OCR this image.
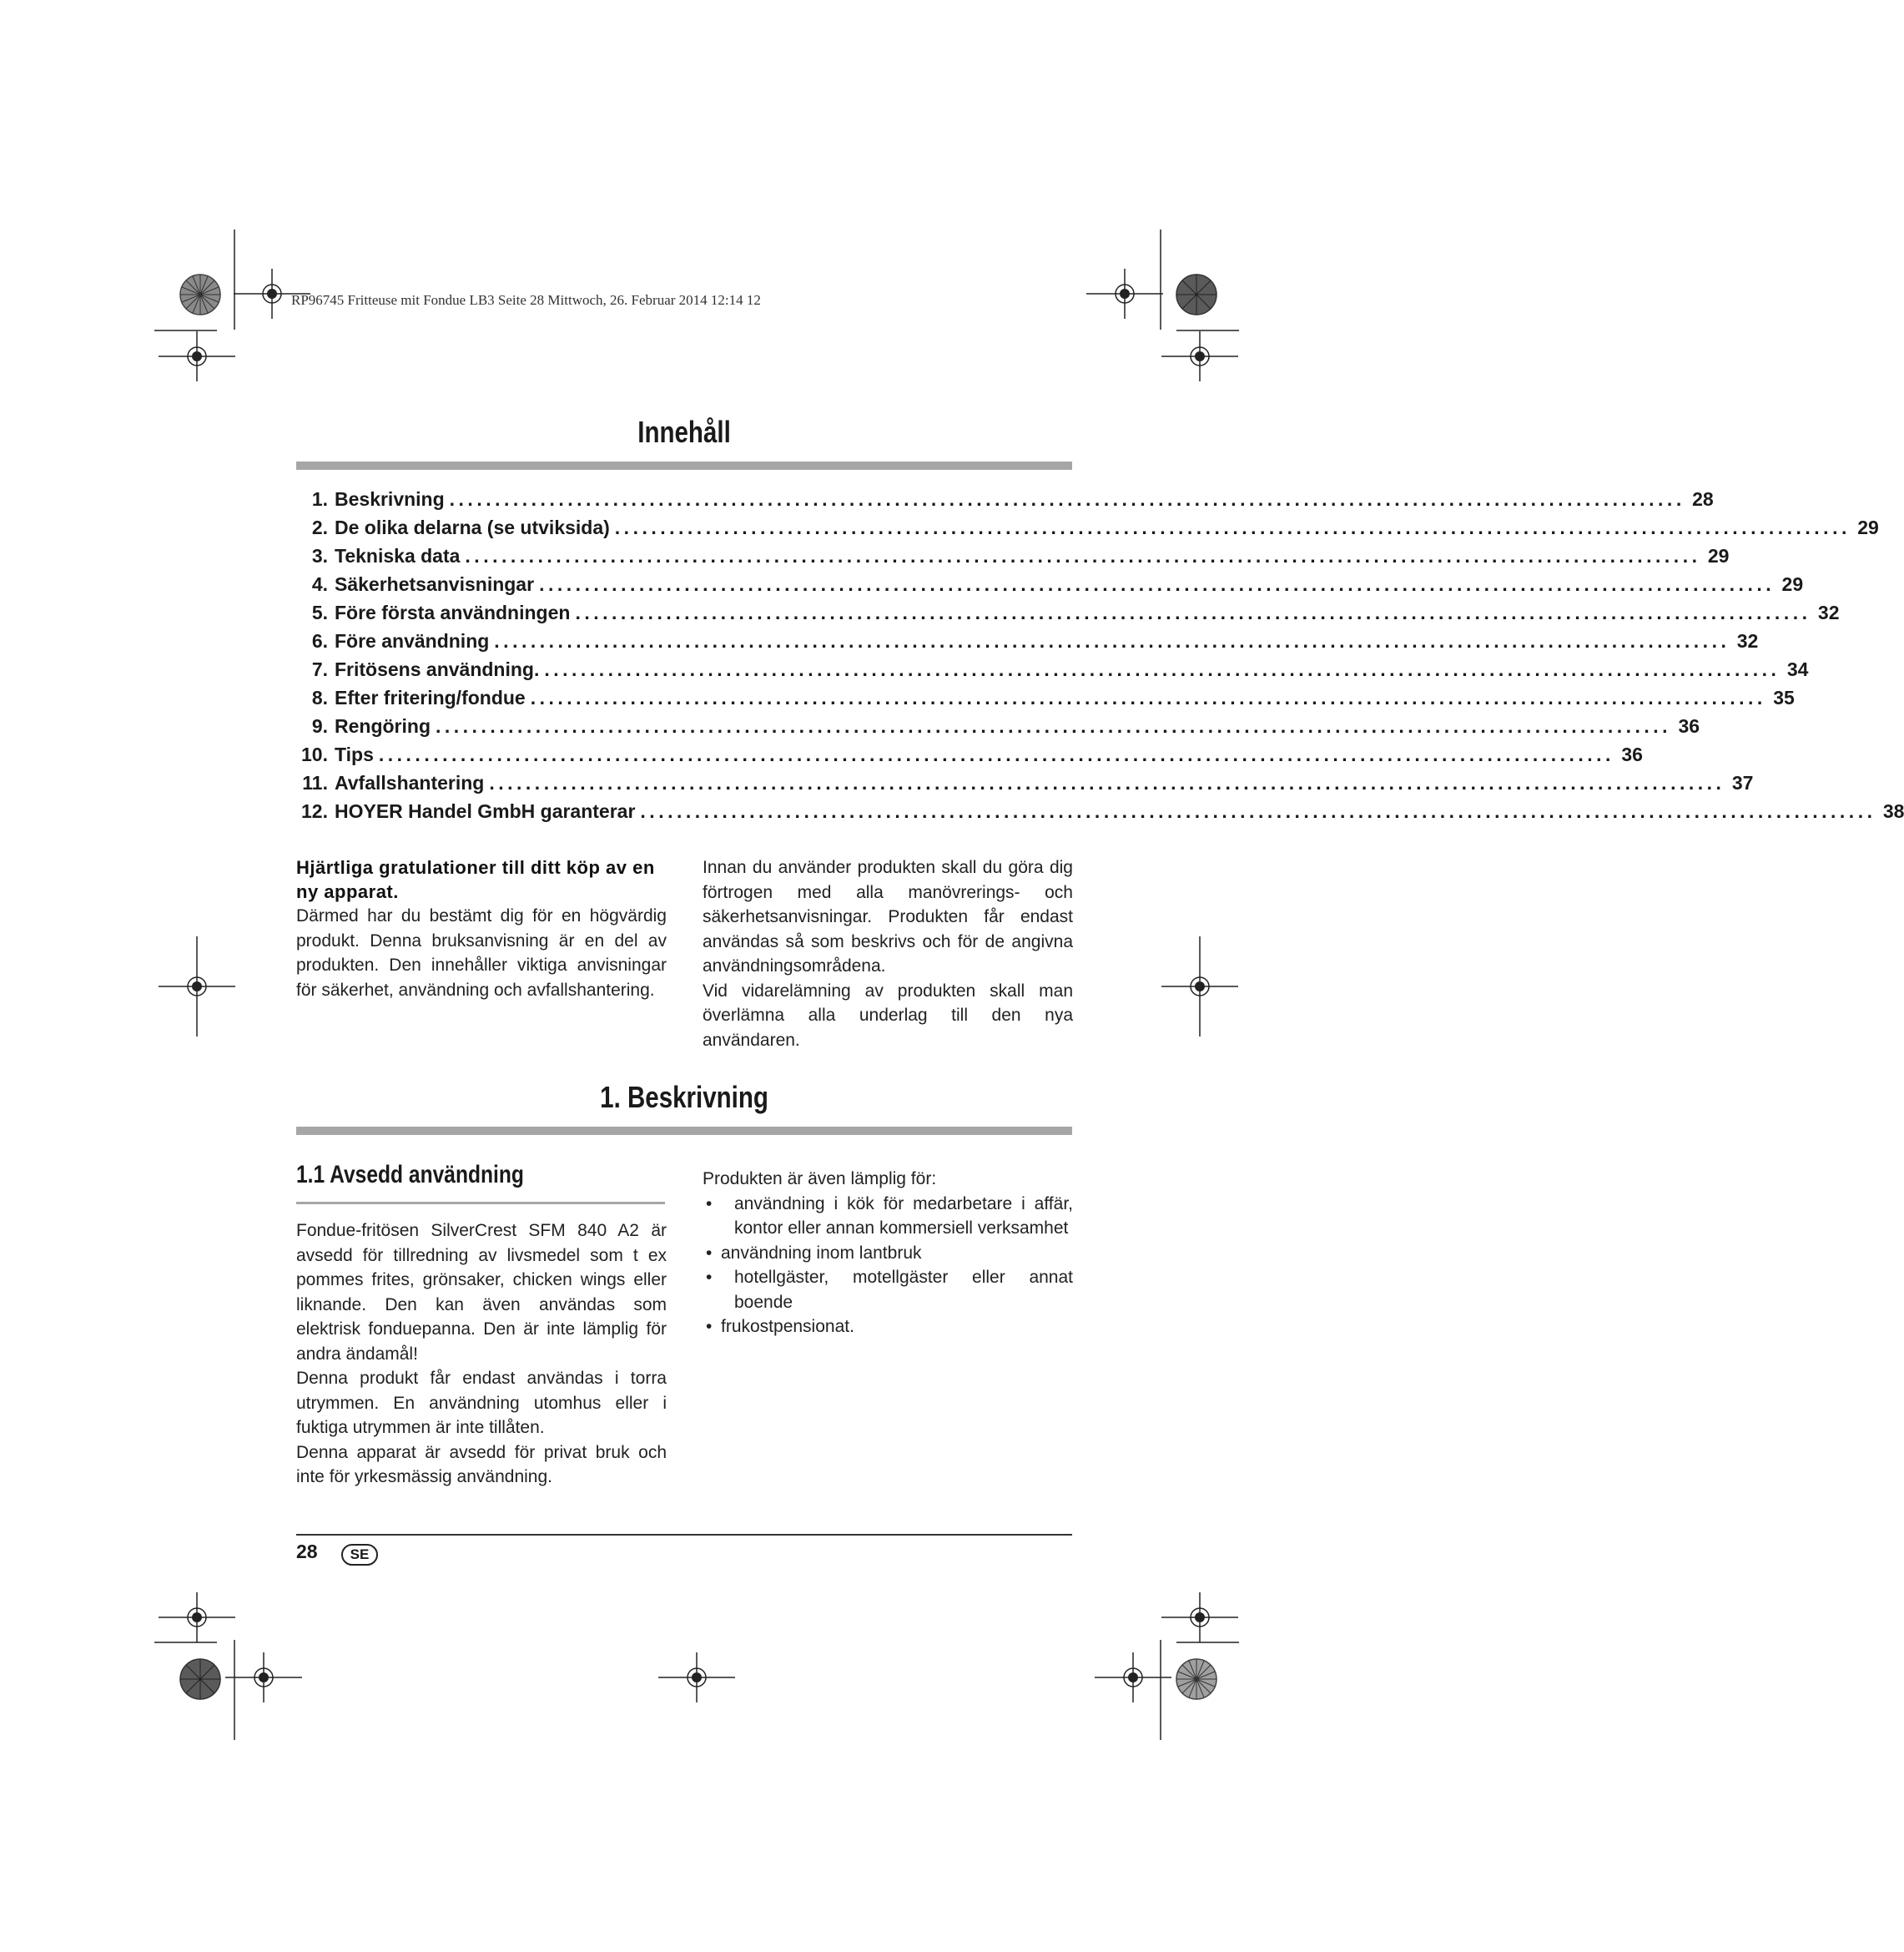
RP96745 Fritteuse mit Fondue LB3 Seite 28 Mittwoch, 26. Februar 2014 12:14 12
Innehåll
1. Beskrivning ........................................................................................................................................ 28
2. De olika delarna (se utviksida) ........................................................................................................................................ 29
3. Tekniska data ........................................................................................................................................ 29
4. Säkerhetsanvisningar ........................................................................................................................................ 29
5. Före första användningen ........................................................................................................................................ 32
6. Före användning ........................................................................................................................................ 32
7. Fritösens användning. ........................................................................................................................................ 34
8. Efter fritering/fondue ........................................................................................................................................ 35
9. Rengöring ........................................................................................................................................ 36
10. Tips ........................................................................................................................................ 36
11. Avfallshantering ........................................................................................................................................ 37
12. HOYER Handel GmbH garanterar ........................................................................................................................................ 38
Hjärtliga gratulationer till ditt köp av en ny apparat.

Därmed har du bestämt dig för en högvärdig produkt. Denna bruksanvisning är en del av produkten. Den innehåller viktiga anvisningar för säkerhet, användning och avfallshantering.

Innan du använder produkten skall du göra dig förtrogen med alla manövrerings- och säkerhetsanvisningar. Produkten får endast användas så som beskrivs och för de angivna användningsområdena.

Vid vidarelämning av produkten skall man överlämna alla underlag till den nya användaren.

1. Beskrivning
1.1 Avsedd användning

Fondue-fritösen SilverCrest SFM 840 A2 är avsedd för tillredning av livsmedel som t ex pommes frites, grönsaker, chicken wings eller liknande. Den kan även användas som elektrisk fonduepanna. Den är inte lämplig för andra ändamål!

Denna produkt får endast användas i torra utrymmen. En användning utomhus eller i fuktiga utrymmen är inte tillåten.

Denna apparat är avsedd för privat bruk och inte för yrkesmässig användning.

Produkten är även lämplig för:

• användning i kök för medarbetare i affär, kontor eller annan kommersiell verksamhet
• användning inom lantbruk
• hotellgäster, motellgäster eller annat boende
• frukostpensionat.
28	SE
